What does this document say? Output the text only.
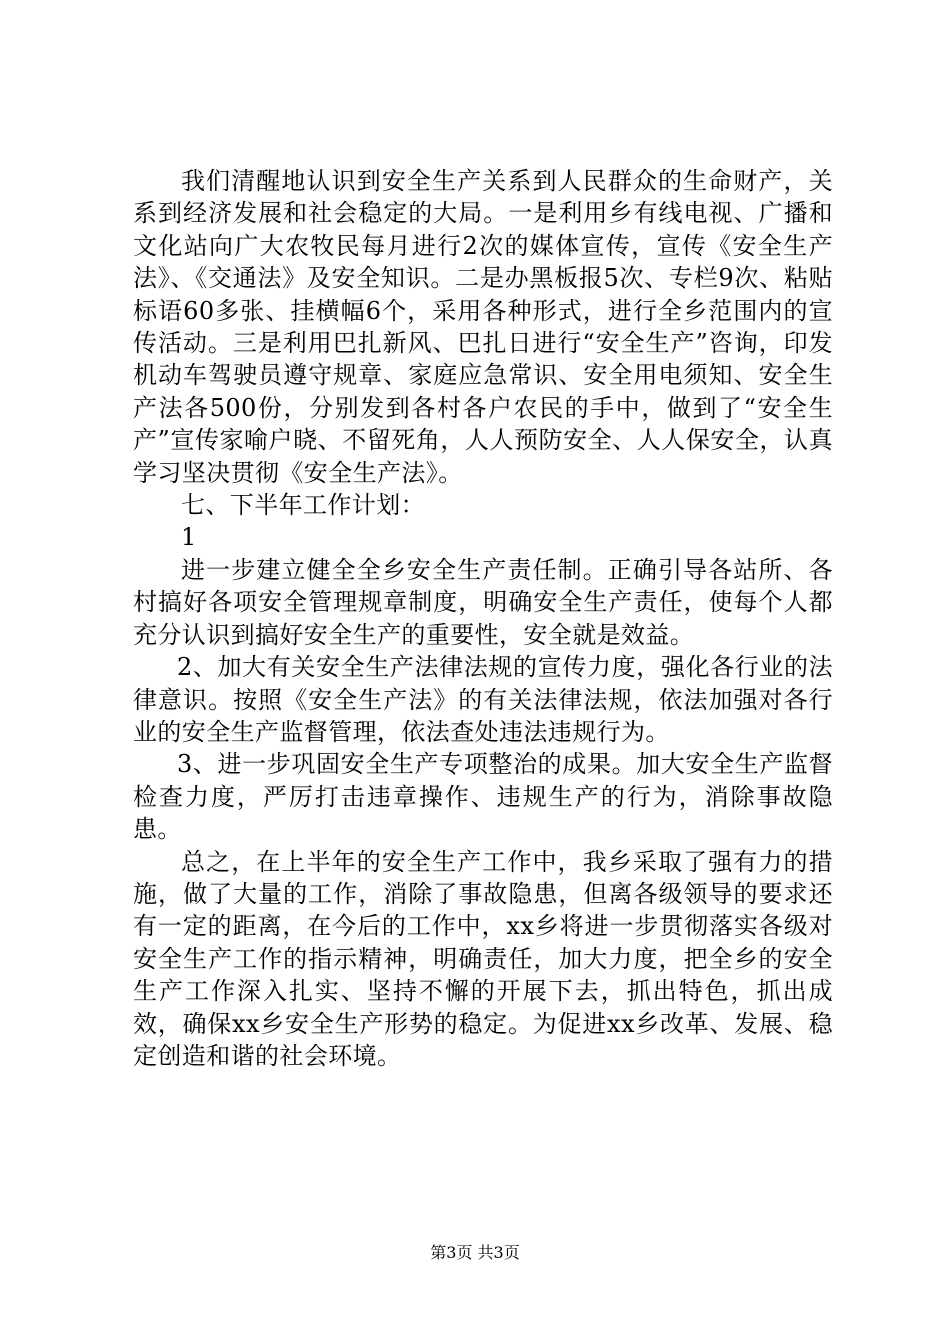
我们清醒地认识到安全生产关系到人民群众的生命财产，关系到经济发展和社会稳定的大局。一是利用乡有线电视、广播和文化站向广大农牧民每月进行2次的媒体宣传，宣传《安全生产法》、《交通法》及安全知识。二是办黑板报5次、专栏9次、粘贴标语60多张、挂横幅6个，采用各种形式，进行全乡范围内的宣传活动。三是利用巴扎新风、巴扎日进行“安全生产”咨询，印发机动车驾驶员遵守规章、家庭应急常识、安全用电须知、安全生产法各500份，分别发到各村各户农民的手中，做到了“安全生产”宣传家喻户晓、不留死角，人人预防安全、人人保安全，认真学习坚决贯彻《安全生产法》。

七、下半年工作计划：

1

进一步建立健全全乡安全生产责任制。正确引导各站所、各村搞好各项安全管理规章制度，明确安全生产责任，使每个人都充分认识到搞好安全生产的重要性，安全就是效益。

2、加大有关安全生产法律法规的宣传力度，强化各行业的法律意识。按照《安全生产法》的有关法律法规，依法加强对各行业的安全生产监督管理，依法查处违法违规行为。

3、进一步巩固安全生产专项整治的成果。加大安全生产监督检查力度，严厉打击违章操作、违规生产的行为，消除事故隐患。

总之，在上半年的安全生产工作中，我乡采取了强有力的措施，做了大量的工作，消除了事故隐患，但离各级领导的要求还有一定的距离，在今后的工作中，xx乡将进一步贯彻落实各级对安全生产工作的指示精神，明确责任，加大力度，把全乡的安全生产工作深入扎实、坚持不懈的开展下去，抓出特色，抓出成效，确保xx乡安全生产形势的稳定。为促进xx乡改革、发展、稳定创造和谐的社会环境。

第3页 共3页
